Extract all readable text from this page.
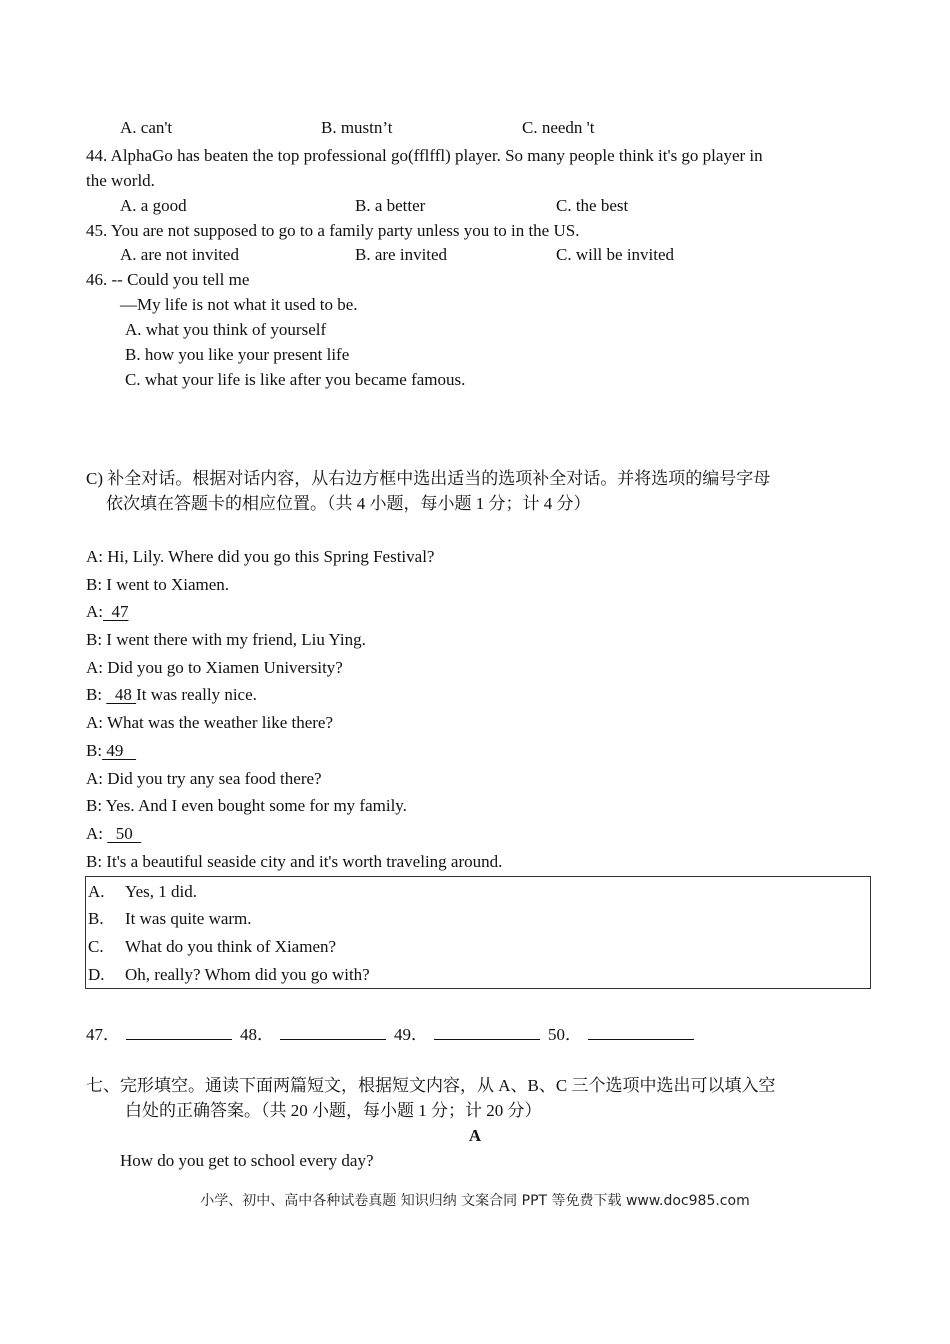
A. can't	B. mustn’t	C. needn 't
44. AlphaGo has beaten the top professional go(fflffl) player. So many people think it's go player in
the world.
A. a good	B. a better	C. the best
45. You are not supposed to go to a family party unless you to in the US.
A. are not invited	B. are invited	C. will be invited
46. -- Could you tell me
—My life is not what it used to be.
A. what you think of yourself
B. how you like your present life
C. what your life is like after you became famous.
C) 补全对话。根据对话内容，从右边方框中选出适当的选项补全对话。并将选项的编号字母
依次填在答题卡的相应位置。（共 4 小题，每小题 1 分；计 4 分）
A: Hi, Lily. Where did you go this Spring Festival?
B: I went to Xiamen.
A:  47
B: I went there with my friend, Liu Ying.
A: Did you go to Xiamen University?
B:   48 It was really nice.
A: What was the weather like there?
B: 49
A: Did you try any sea food there?
B: Yes. And I even bought some for my family.
A:   50
B: It's a beautiful seaside city and it's worth traveling around.
A. Yes, 1 did.
B. It was quite warm.
C. What do you think of Xiamen?
D. Oh, really? Whom did you go with?
47．	48．	49．	50．
七、完形填空。通读下面两篇短文，根据短文内容，从 A、B、C 三个选项中选出可以填入空
白处的正确答案。（共 20 小题，每小题 1 分；计 20 分）
A
How do you get to school every day?
小学、初中、高中各种试卷真题 知识归纳 文案合同 PPT 等免费下载 www.doc985.com
